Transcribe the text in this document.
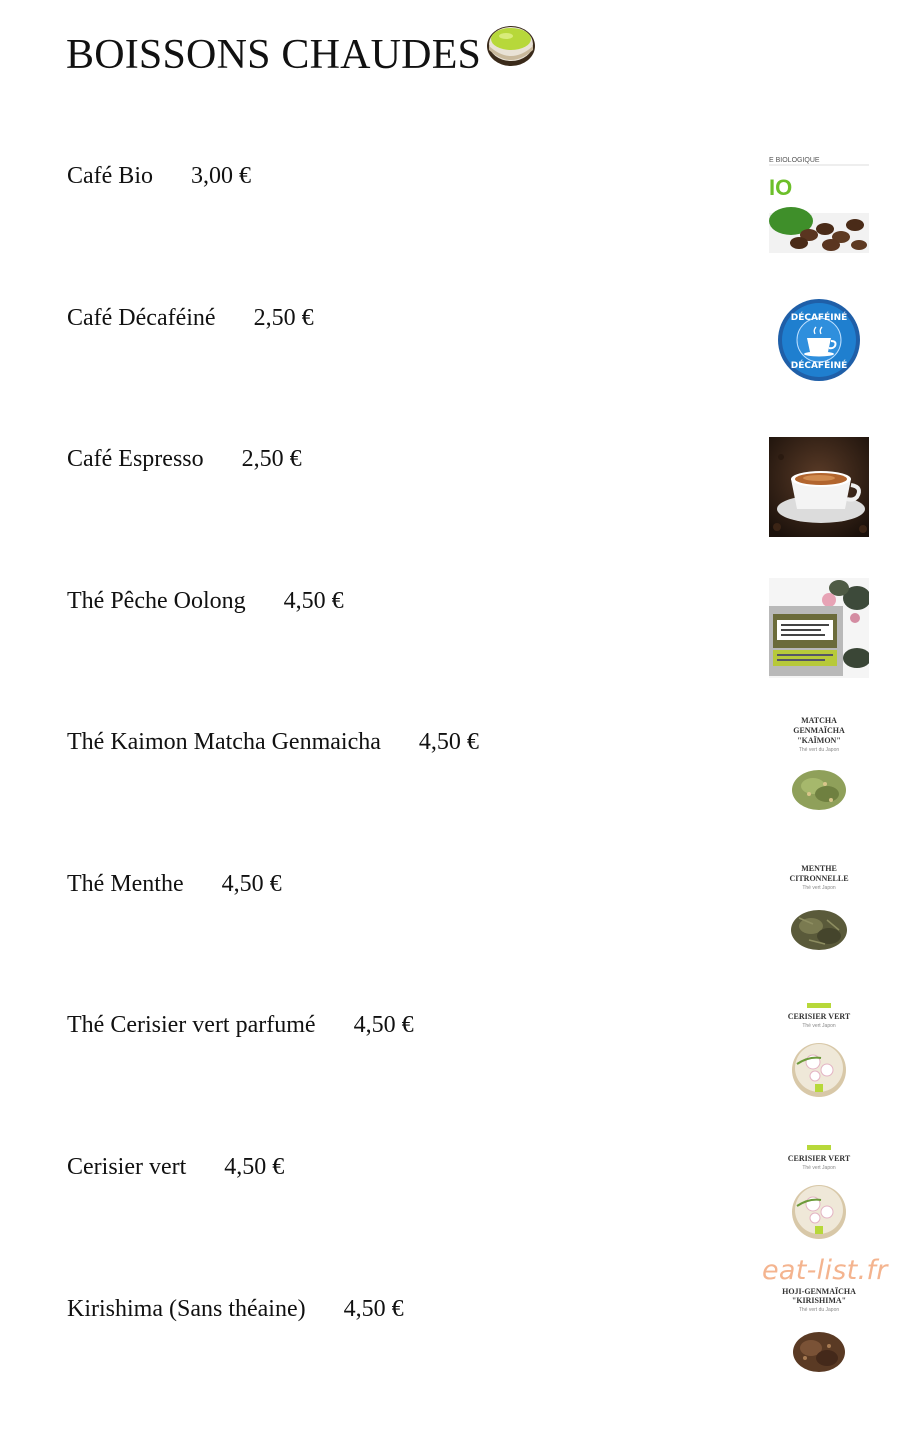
BOISSONS CHAUDES
Café Bio 3,00 €
E BIOLOGIQUE
IO
Café Décaféiné 2,50 €	DÉCAFÉINÉ
DÉCAFÉINÉ
Café Espresso 2,50 €
Thé Pêche Oolong 4,50 €
Thé Kaimon Matcha Genmaicha 4,50 €
MATCHA
GENMAÏCHA
"KAÏMON"
Thé vert du Japon
Thé Menthe 4,50 €
MENTHE
CITRONNELLE
Thé vert Japon
Thé Cerisier vert parfumé 4,50 €	CERISIER VERT
Thé vert Japon
Cerisier vert 4,50 €	CERISIER VERT
Thé vert Japon
Kirishima (Sans théaine) 4,50 €
HOJI-GENMAÏCHA
"KIRISHIMA"
Thé vert du Japon
eat-list.fr
